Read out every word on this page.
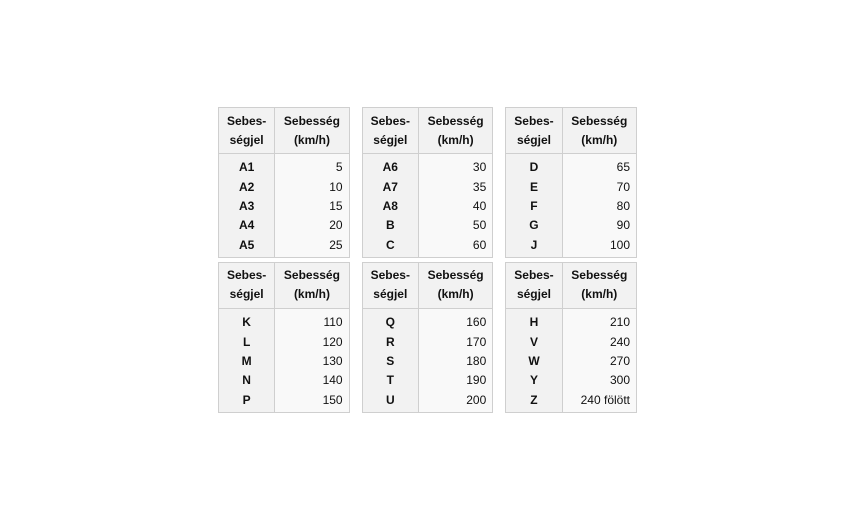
Sebes-
ségjel	Sebesség
(km/h)		Sebes-
ségjel	Sebesség
(km/h)		Sebes-
ségjel	Sebesség
(km/h)

A1	5		A6	30		D	65
A2	10		A7	35		E	70
A3	15		A8	40		F	80
A4	20		B	50		G	90
A5	25		C	60		J	100

Sebes-
ségjel	Sebesség
(km/h)		Sebes-
ségjel	Sebesség
(km/h)		Sebes-
ségjel	Sebesség
(km/h)

K	110		Q	160		H	210
L	120		R	170		V	240
M	130		S	180		W	270
N	140		T	190		Y	300
P	150		U	200		Z	240 fölött
